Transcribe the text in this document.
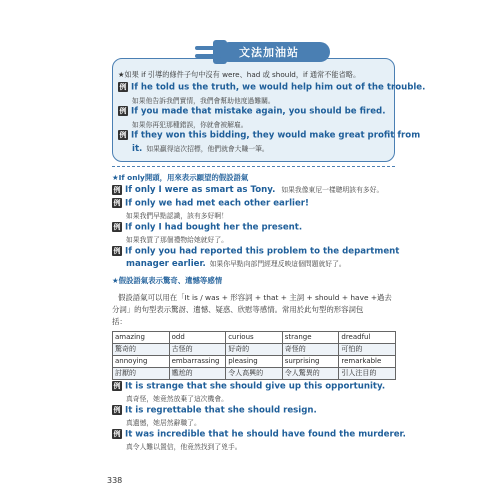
文法加油站
★如果 if 引導的條件子句中沒有 were、had 或 should，if 通常不能省略。
例 If he told us the truth, we would help him out of the trouble.
如果他告訴我們實情，我們會幫助他度過難關。
例 If you made that mistake again, you should be fired.
如果你再犯那種錯誤，你就會被解雇。
例 If they won this bidding, they would make great profit from
it. 如果贏得這次招標，他們就會大賺一筆。
★If only開頭，用來表示願望的假設語氣
例 If only I were as smart as Tony. 如果我像東尼一樣聰明該有多好。
例 If only we had met each other earlier!
如果我們早點認識，該有多好啊！
例 If only I had bought her the present.
如果我買了那個禮物給她就好了。
例 If only you had reported this problem to the department
manager earlier. 如果你早點向部門經理反映這個問題就好了。
★假設語氣表示驚奇、遺憾等感情
假設語氣可以用在「It is / was + 形容詞 + that + 主詞 + should + have +過去
分詞」的句型表示驚訝、遺憾、疑惑、欣慰等感情。常用於此句型的形容詞包
括：
amazing	odd	curious	strange	dreadful
驚奇的	古怪的	好奇的	奇怪的	可怕的
annoying	embarrassing	pleasing	surprising	remarkable
討厭的	尷尬的	令人高興的	令人驚異的	引人注目的
例 It is strange that she should give up this opportunity.
真奇怪，她竟然放棄了這次機會。
例 It is regrettable that she should resign.
真遺憾，她居然辭職了。
例 It was incredible that he should have found the murderer.
真令人難以置信，他竟然找到了兇手。
338
